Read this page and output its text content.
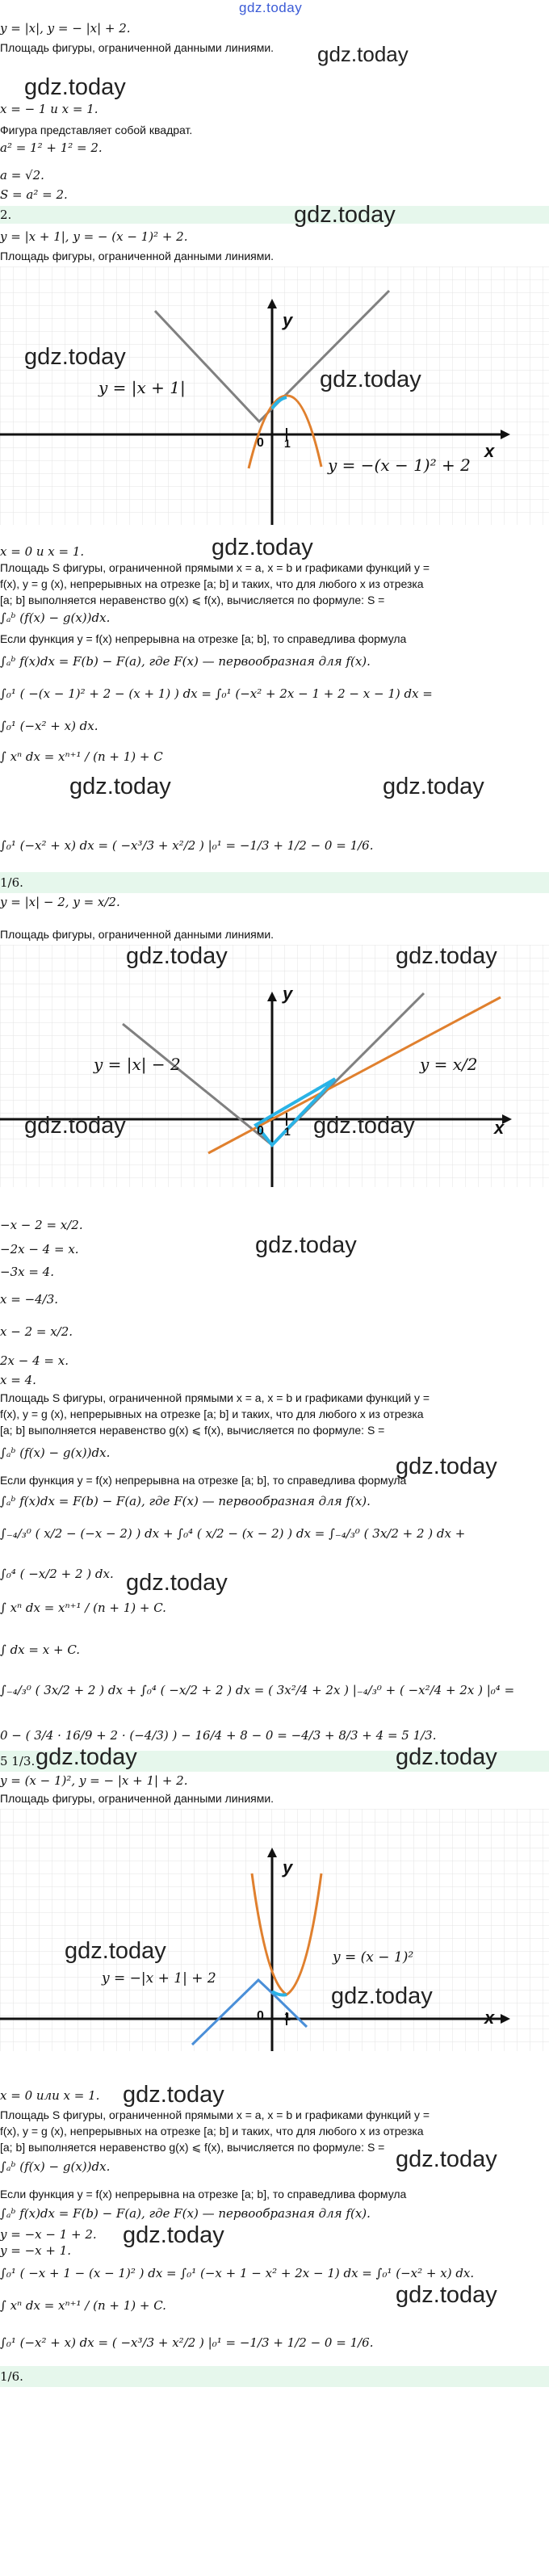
gdz.today
y = |x|, y = − |x| + 2.
Площадь фигуры, ограниченной данными линиями. gdz.today
gdz.today
x = − 1 и x = 1.
Фигура представляет собой квадрат.
a² = 1² + 1² = 2.
a = √2.
S = a² = 2.
2.	gdz.today
y = |x + 1|, y = − (x − 1)² + 2.
Площадь фигуры, ограниченной данными линиями.
y
x
0 1
y = |x + 1|
y = −(x − 1)² + 2
gdz.today
gdz.today
x = 0 и x = 1.	gdz.today
Площадь S фигуры, ограниченной прямыми x = a, x = b и графиками функций y =
f(x), y = g (x), непрерывных на отрезке [a; b] и таких, что для любого x из отрезка
[a; b] выполняется неравенство g(x) ⩽ f(x), вычисляется по формуле: S =
∫ₐᵇ (f(x) − g(x))dx.
Если функция y = f(x) непрерывна на отрезке [a; b], то справедлива формула
∫ₐᵇ f(x)dx = F(b) − F(a), где F(x) — первообразная для f(x).
∫₀¹ ( −(x − 1)² + 2 − (x + 1) ) dx = ∫₀¹ (−x² + 2x − 1 + 2 − x − 1) dx =
∫₀¹ (−x² + x) dx.
gdz.today	gdz.today
∫ xⁿ dx = xⁿ⁺¹ / (n + 1) + C
∫₀¹ (−x² + x) dx = ( −x³/3 + x²/2 ) |₀¹ = −1/3 + 1/2 − 0 = 1/6.
1/6.
y = |x| − 2, y = x/2.
Площадь фигуры, ограниченной данными линиями.
y
x
0 1
y = |x| − 2	y = x/2
gdz.today	gdz.today
gdz.today	gdz.today
−x − 2 = x/2.
−2x − 4 = x.	gdz.today
−3x = 4.
x = −4/3.
x − 2 = x/2.
2x − 4 = x.
x = 4.
Площадь S фигуры, ограниченной прямыми x = a, x = b и графиками функций y =
f(x), y = g (x), непрерывных на отрезке [a; b] и таких, что для любого x из отрезка
[a; b] выполняется неравенство g(x) ⩽ f(x), вычисляется по формуле: S =
gdz.today
∫ₐᵇ (f(x) − g(x))dx.
Если функция y = f(x) непрерывна на отрезке [a; b], то справедлива формула
∫ₐᵇ f(x)dx = F(b) − F(a), где F(x) — первообразная для f(x).
∫₋₄/₃⁰ ( x/2 − (−x − 2) ) dx + ∫₀⁴ ( x/2 − (x − 2) ) dx = ∫₋₄/₃⁰ ( 3x/2 + 2 ) dx +
∫₀⁴ ( −x/2 + 2 ) dx. gdz.today
∫ xⁿ dx = xⁿ⁺¹ / (n + 1) + C.
∫ dx = x + C.
∫₋₄/₃⁰ ( 3x/2 + 2 ) dx + ∫₀⁴ ( −x/2 + 2 ) dx = ( 3x²/4 + 2x ) |₋₄/₃⁰ + ( −x²/4 + 2x ) |₀⁴ =
0 − ( 3/4 · 16/9 + 2 · (−4/3) ) − 16/4 + 8 − 0 = −4/3 + 8/3 + 4 = 5 1/3.
5 1/3. gdz.today	gdz.today
y = (x − 1)², y = − |x + 1| + 2.
Площадь фигуры, ограниченной данными линиями.
y
x
0 1
y = −|x + 1| + 2
y = (x − 1)²
gdz.today
gdz.today
x = 0 или x = 1. gdz.today
Площадь S фигуры, ограниченной прямыми x = a, x = b и графиками функций y =
f(x), y = g (x), непрерывных на отрезке [a; b] и таких, что для любого x из отрезка
[a; b] выполняется неравенство g(x) ⩽ f(x), вычисляется по формуле: S = gdz.today
∫ₐᵇ (f(x) − g(x))dx.
Если функция y = f(x) непрерывна на отрезке [a; b], то справедлива формула
∫ₐᵇ f(x)dx = F(b) − F(a), где F(x) — первообразная для f(x).
y = −x − 1 + 2. gdz.today
y = −x + 1.
∫₀¹ ( −x + 1 − (x − 1)² ) dx = ∫₀¹ (−x + 1 − x² + 2x − 1) dx = ∫₀¹ (−x² + x) dx.
gdz.today
∫ xⁿ dx = xⁿ⁺¹ / (n + 1) + C.
∫₀¹ (−x² + x) dx = ( −x³/3 + x²/2 ) |₀¹ = −1/3 + 1/2 − 0 = 1/6.
1/6.
